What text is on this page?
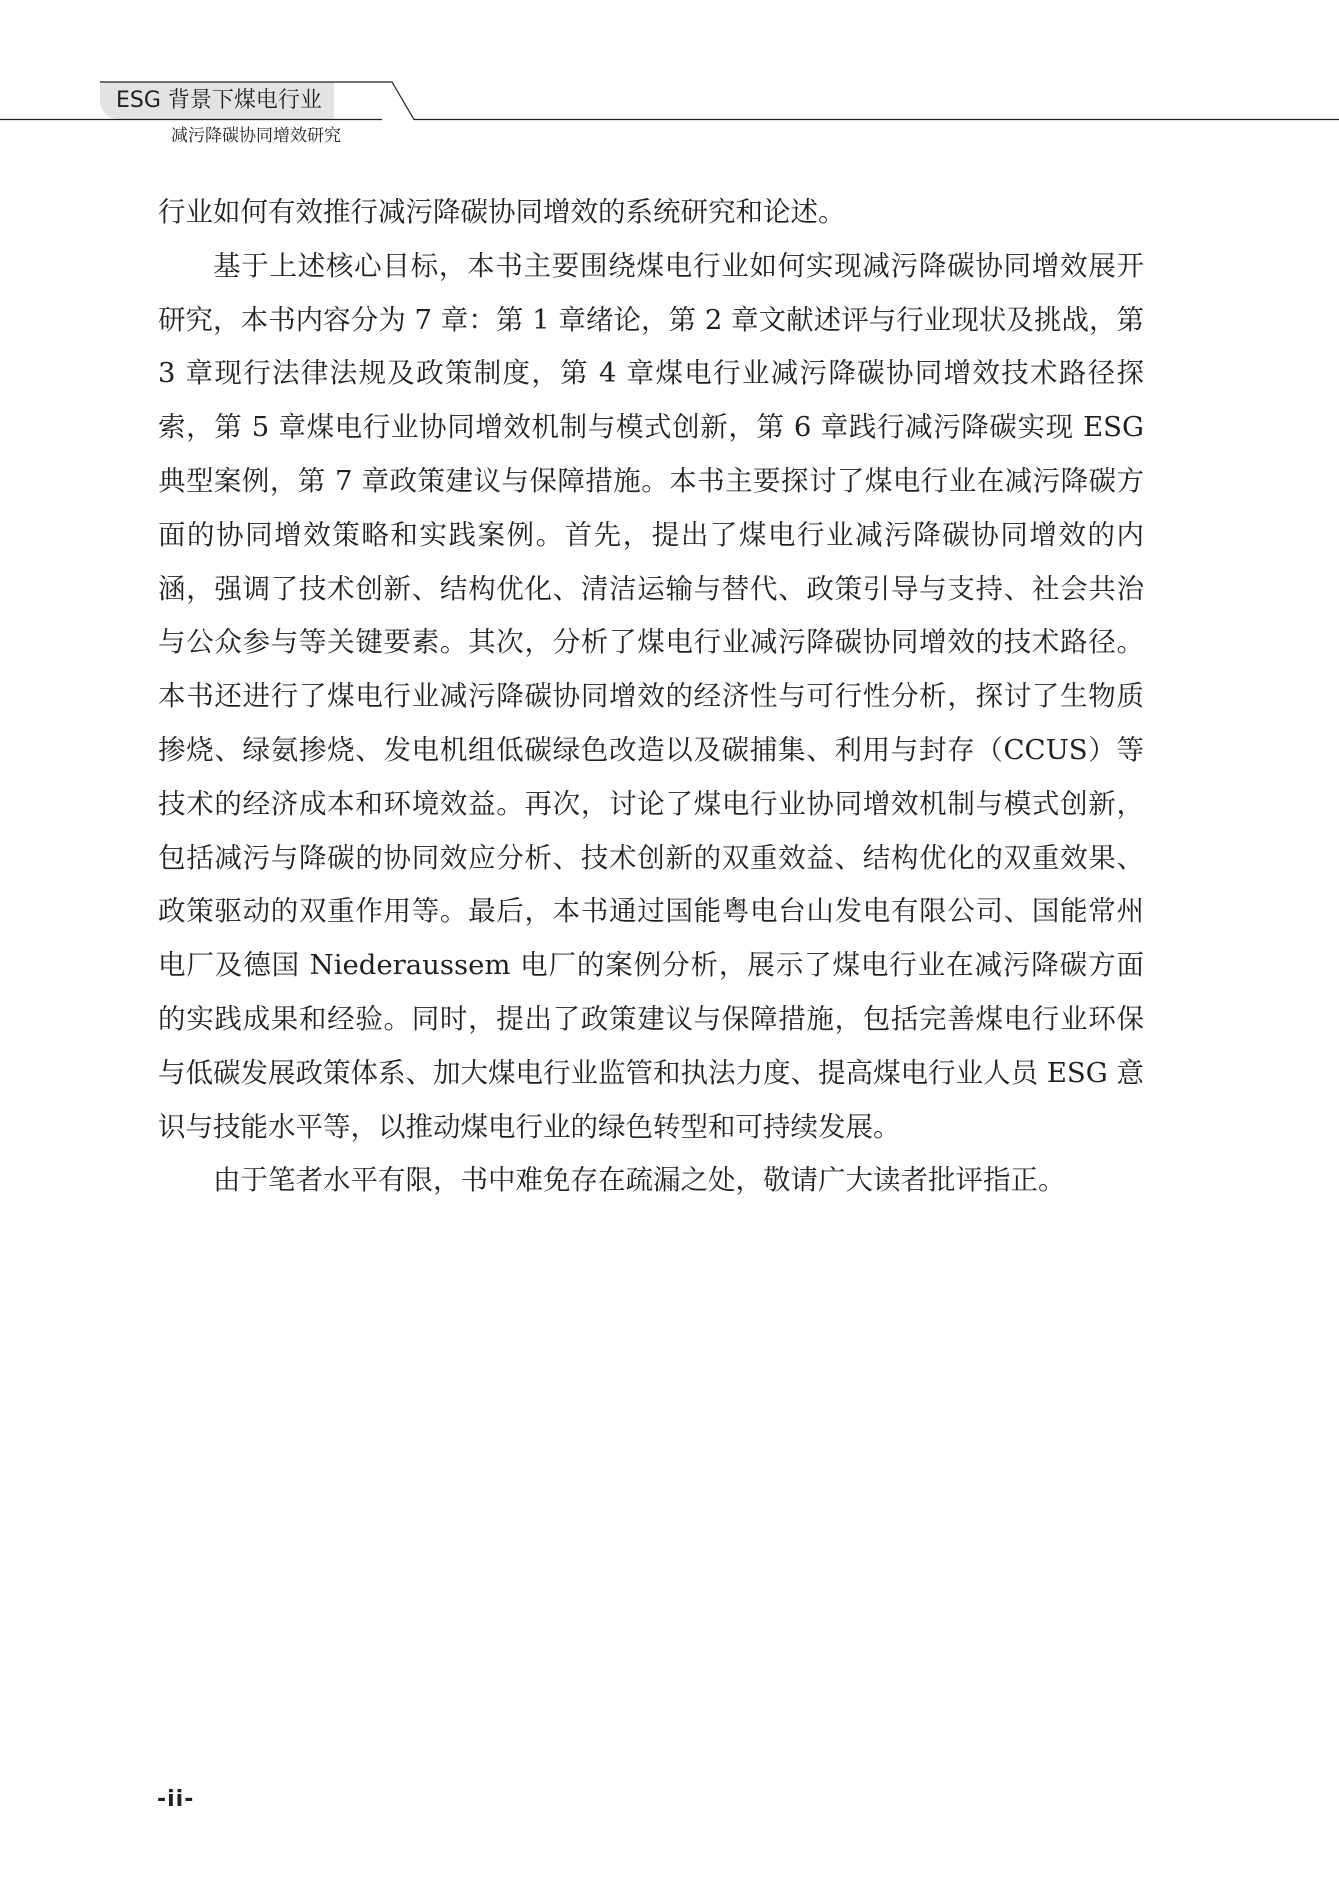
ESG 背景下煤电行业
减污降碳协同增效研究

行业如何有效推行减污降碳协同增效的系统研究和论述。

基于上述核心目标，本书主要围绕煤电行业如何实现减污降碳协同增效展开研究，本书内容分为 7 章：第 1 章绪论，第 2 章文献述评与行业现状及挑战，第 3 章现行法律法规及政策制度，第 4 章煤电行业减污降碳协同增效技术路径探索，第 5 章煤电行业协同增效机制与模式创新，第 6 章践行减污降碳实现 ESG 典型案例，第 7 章政策建议与保障措施。本书主要探讨了煤电行业在减污降碳方面的协同增效策略和实践案例。首先，提出了煤电行业减污降碳协同增效的内涵，强调了技术创新、结构优化、清洁运输与替代、政策引导与支持、社会共治与公众参与等关键要素。其次，分析了煤电行业减污降碳协同增效的技术路径。本书还进行了煤电行业减污降碳协同增效的经济性与可行性分析，探讨了生物质掺烧、绿氨掺烧、发电机组低碳绿色改造以及碳捕集、利用与封存（CCUS）等技术的经济成本和环境效益。再次，讨论了煤电行业协同增效机制与模式创新，包括减污与降碳的协同效应分析、技术创新的双重效益、结构优化的双重效果、政策驱动的双重作用等。最后，本书通过国能粤电台山发电有限公司、国能常州电厂及德国 Niederaussem 电厂的案例分析，展示了煤电行业在减污降碳方面的实践成果和经验。同时，提出了政策建议与保障措施，包括完善煤电行业环保与低碳发展政策体系、加大煤电行业监管和执法力度、提高煤电行业人员 ESG 意识与技能水平等，以推动煤电行业的绿色转型和可持续发展。

由于笔者水平有限，书中难免存在疏漏之处，敬请广大读者批评指正。

-ii-
